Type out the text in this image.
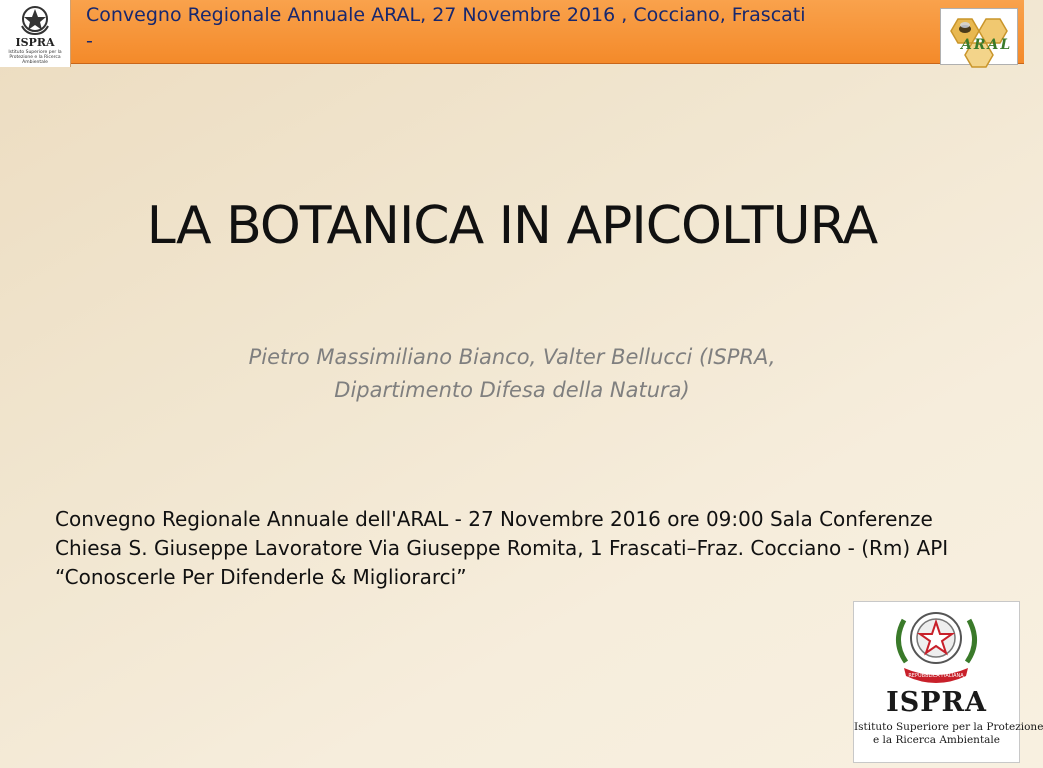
ISPRA
Istituto Superiore per la Protezione e la Ricerca Ambientale
Convegno Regionale Annuale ARAL, 27 Novembre 2016 , Cocciano, Frascati
-	ARAL
LA BOTANICA IN APICOLTURA
Pietro Massimiliano Bianco, Valter Bellucci (ISPRA,
Dipartimento Difesa della Natura)
Convegno Regionale Annuale dell'ARAL - 27 Novembre 2016 ore 09:00 Sala Conferenze
Chiesa S. Giuseppe Lavoratore Via Giuseppe Romita, 1 Frascati–Fraz. Cocciano - (Rm) API
“Conoscerle Per Difenderle & Migliorarci”
REPUBBLICA ITALIANA
ISPRA
Istituto Superiore per la Protezione
e la Ricerca Ambientale
